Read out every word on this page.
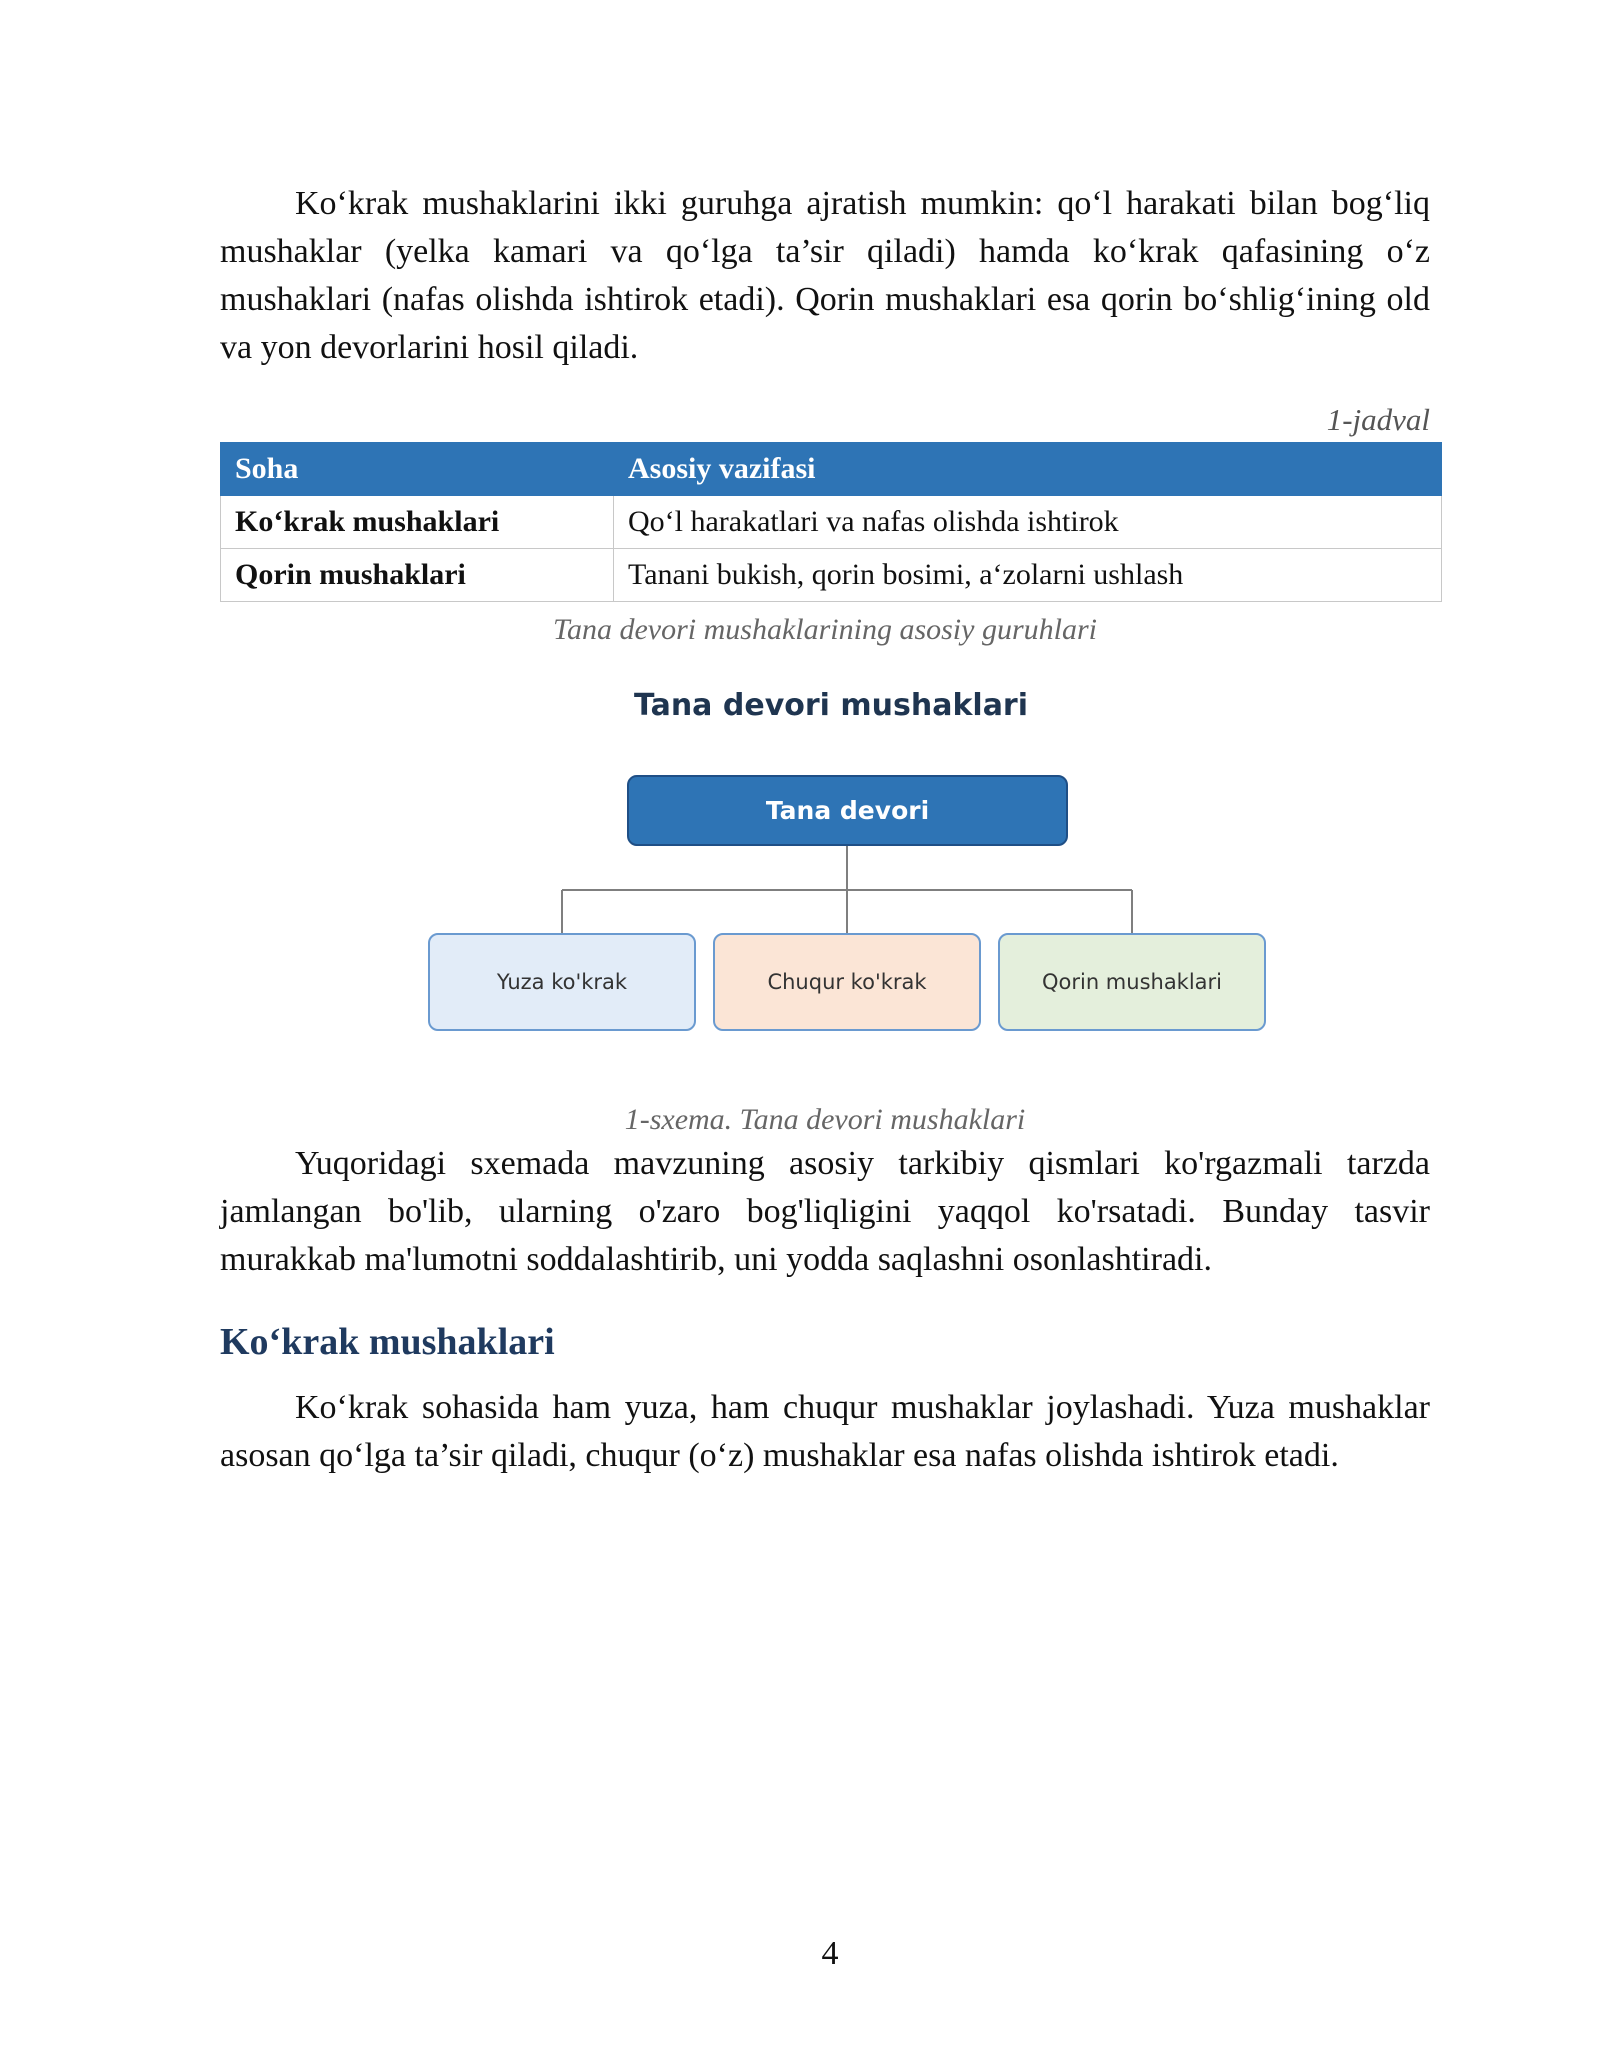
Ko‘krak mushaklarini ikki guruhga ajratish mumkin: qo‘l harakati bilan bog‘liq mushaklar (yelka kamari va qo‘lga ta’sir qiladi) hamda ko‘krak qafasining o‘z mushaklari (nafas olishda ishtirok etadi). Qorin mushaklari esa qorin bo‘shlig‘ining old va yon devorlarini hosil qiladi.

1-jadval
Soha	Asosiy vazifasi
Ko‘krak mushaklari	Qo‘l harakatlari va nafas olishda ishtirok
Qorin mushaklari	Tanani bukish, qorin bosimi, a‘zolarni ushlash
Tana devori mushaklarining asosiy guruhlari
Tana devori mushaklari
Tana devori
Yuza ko'krak	Chuqur ko'krak	Qorin mushaklari
1-sxema. Tana devori mushaklari

Yuqoridagi sxemada mavzuning asosiy tarkibiy qismlari ko'rgazmali tarzda jamlangan bo'lib, ularning o'zaro bog'liqligini yaqqol ko'rsatadi. Bunday tasvir murakkab ma'lumotni soddalashtirib, uni yodda saqlashni osonlashtiradi.

Ko‘krak mushaklari

Ko‘krak sohasida ham yuza, ham chuqur mushaklar joylashadi. Yuza mushaklar asosan qo‘lga ta’sir qiladi, chuqur (o‘z) mushaklar esa nafas olishda ishtirok etadi.

4
